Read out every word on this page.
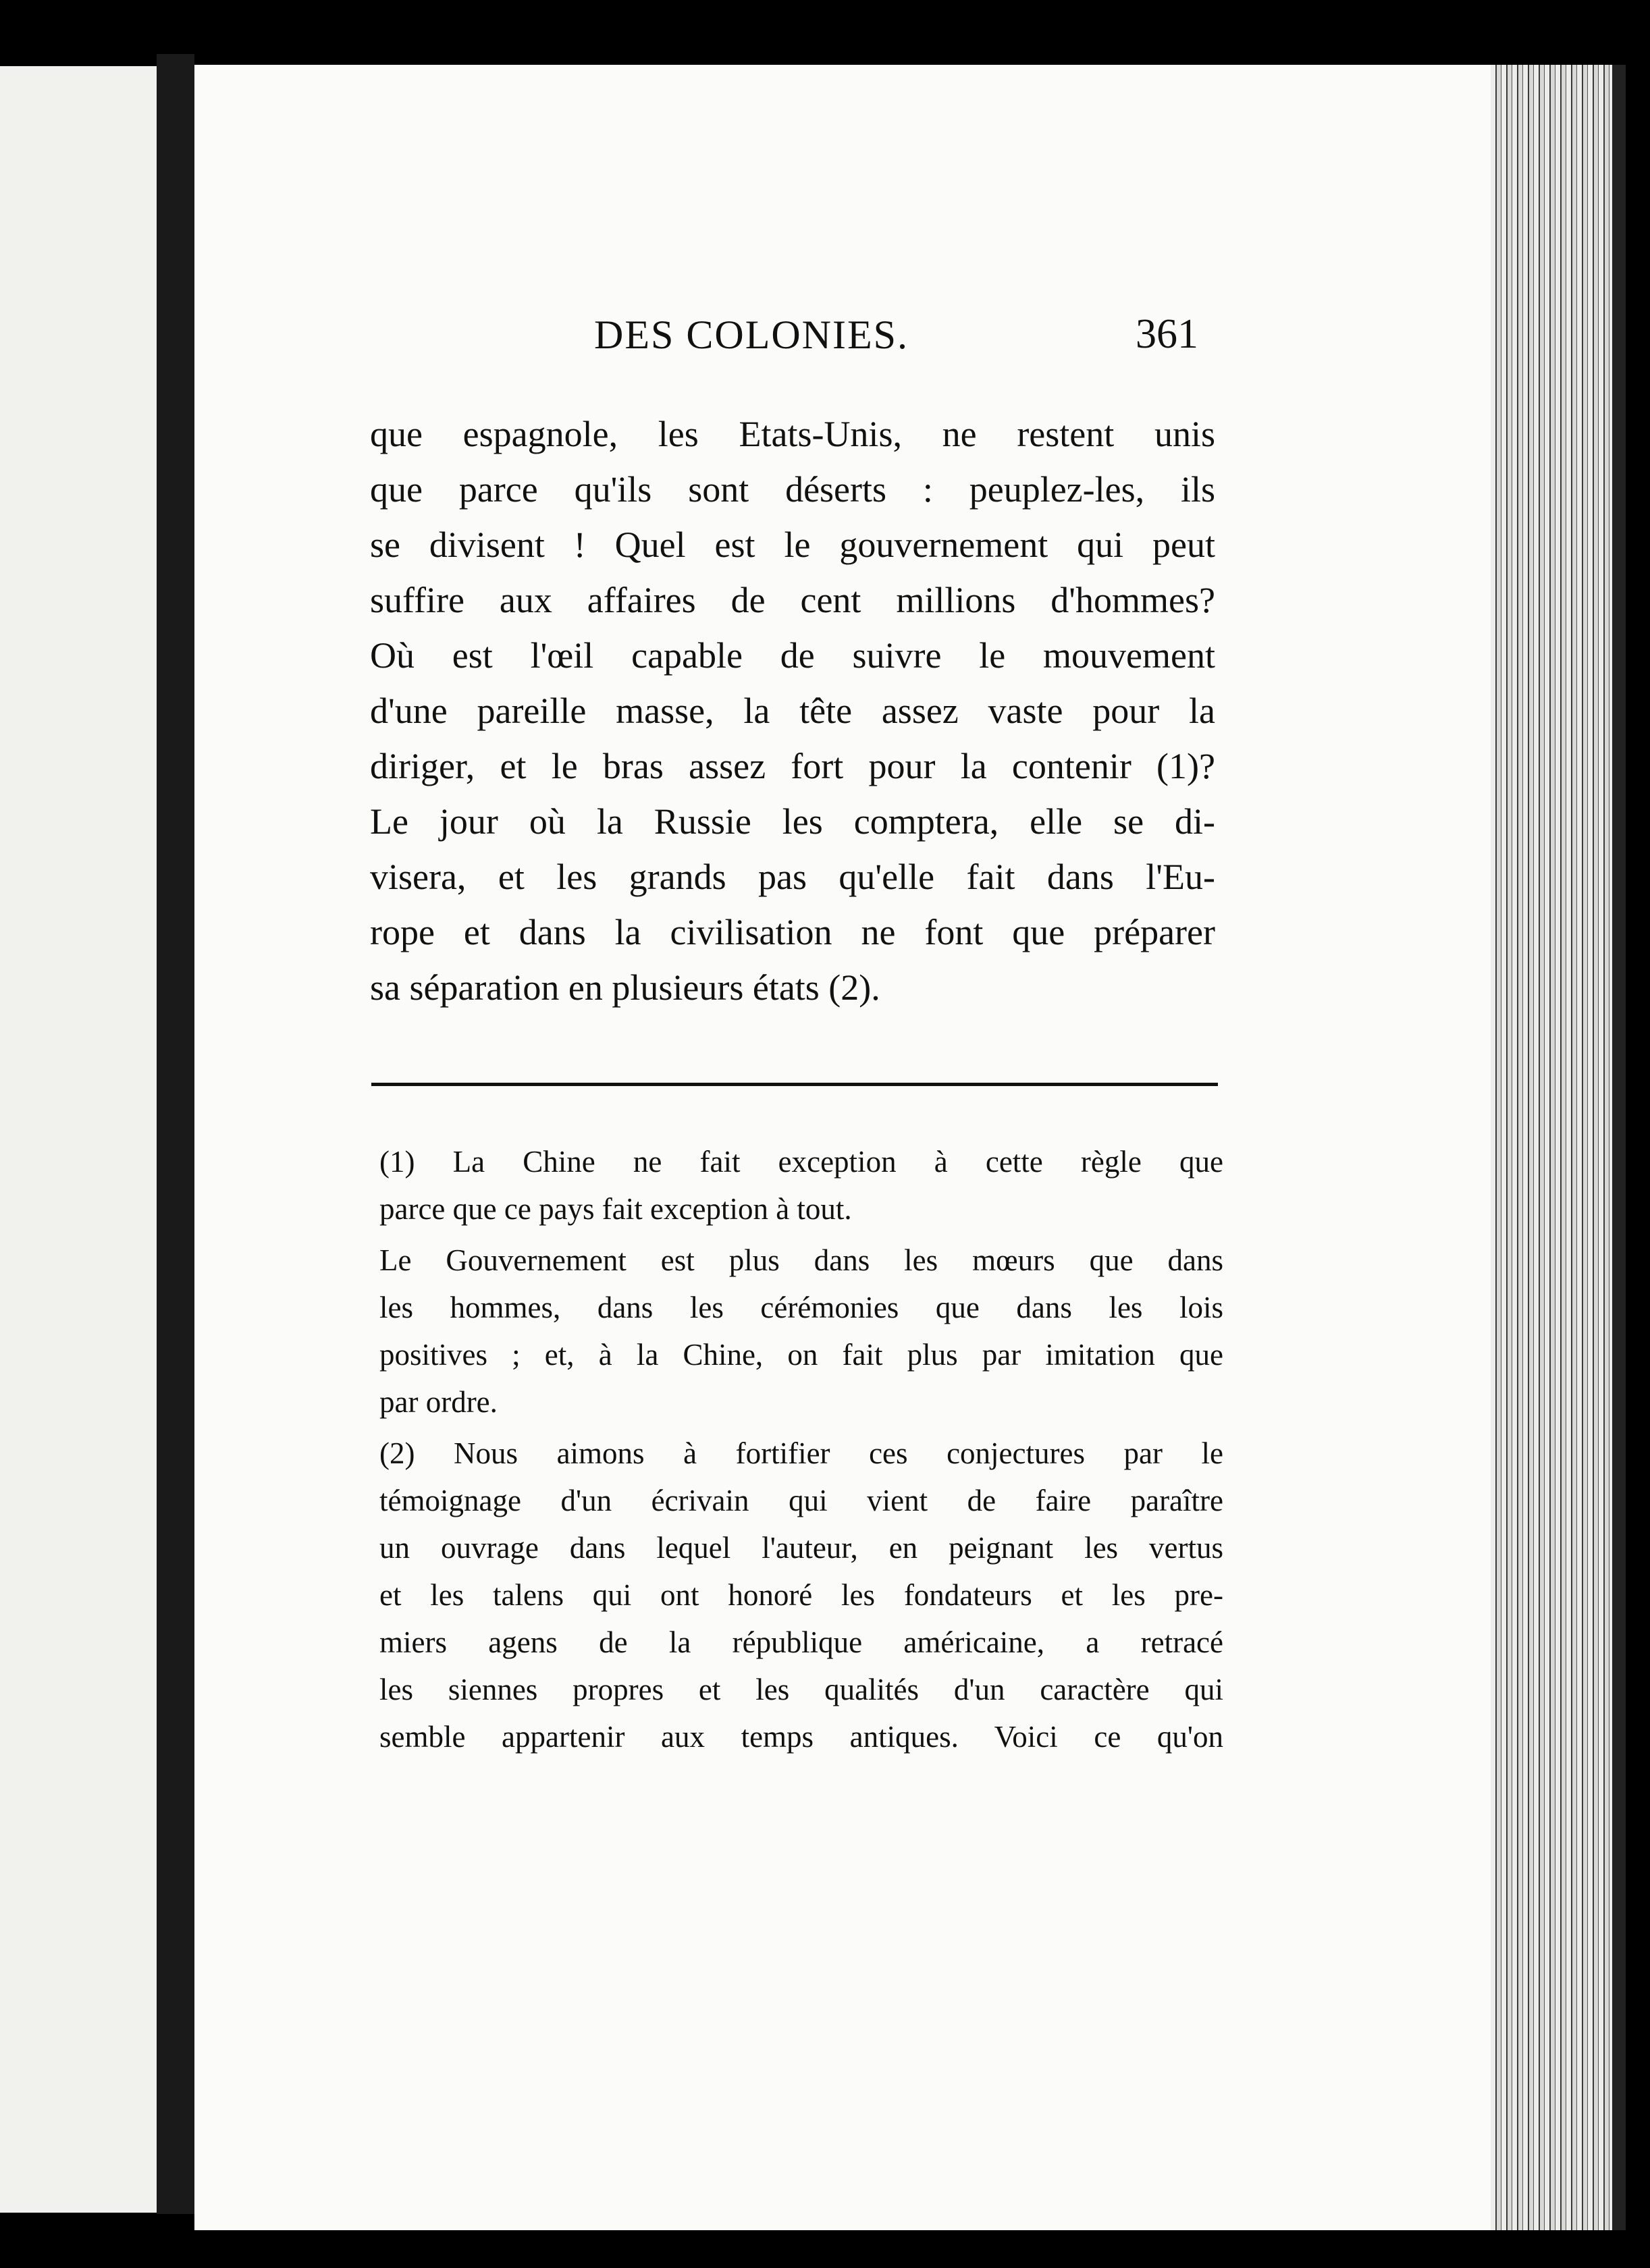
DES COLONIES.	361
que espagnole, les Etats-Unis, ne restent unis
que parce qu'ils sont déserts : peuplez-les, ils
se divisent ! Quel est le gouvernement qui peut
suffire aux affaires de cent millions d'hommes?
Où est l'œil capable de suivre le mouvement
d'une pareille masse, la tête assez vaste pour la
diriger, et le bras assez fort pour la contenir (1)?
Le jour où la Russie les comptera, elle se di-
visera, et les grands pas qu'elle fait dans l'Eu-
rope et dans la civilisation ne font que préparer
sa séparation en plusieurs états (2).
(1) La Chine ne fait exception à cette règle que
parce que ce pays fait exception à tout.
Le Gouvernement est plus dans les mœurs que dans
les hommes, dans les cérémonies que dans les lois
positives ; et, à la Chine, on fait plus par imitation que
par ordre.
(2) Nous aimons à fortifier ces conjectures par le
témoignage d'un écrivain qui vient de faire paraître
un ouvrage dans lequel l'auteur, en peignant les vertus
et les talens qui ont honoré les fondateurs et les pre-
miers agens de la république américaine, a retracé
les siennes propres et les qualités d'un caractère qui
semble appartenir aux temps antiques. Voici ce qu'on
